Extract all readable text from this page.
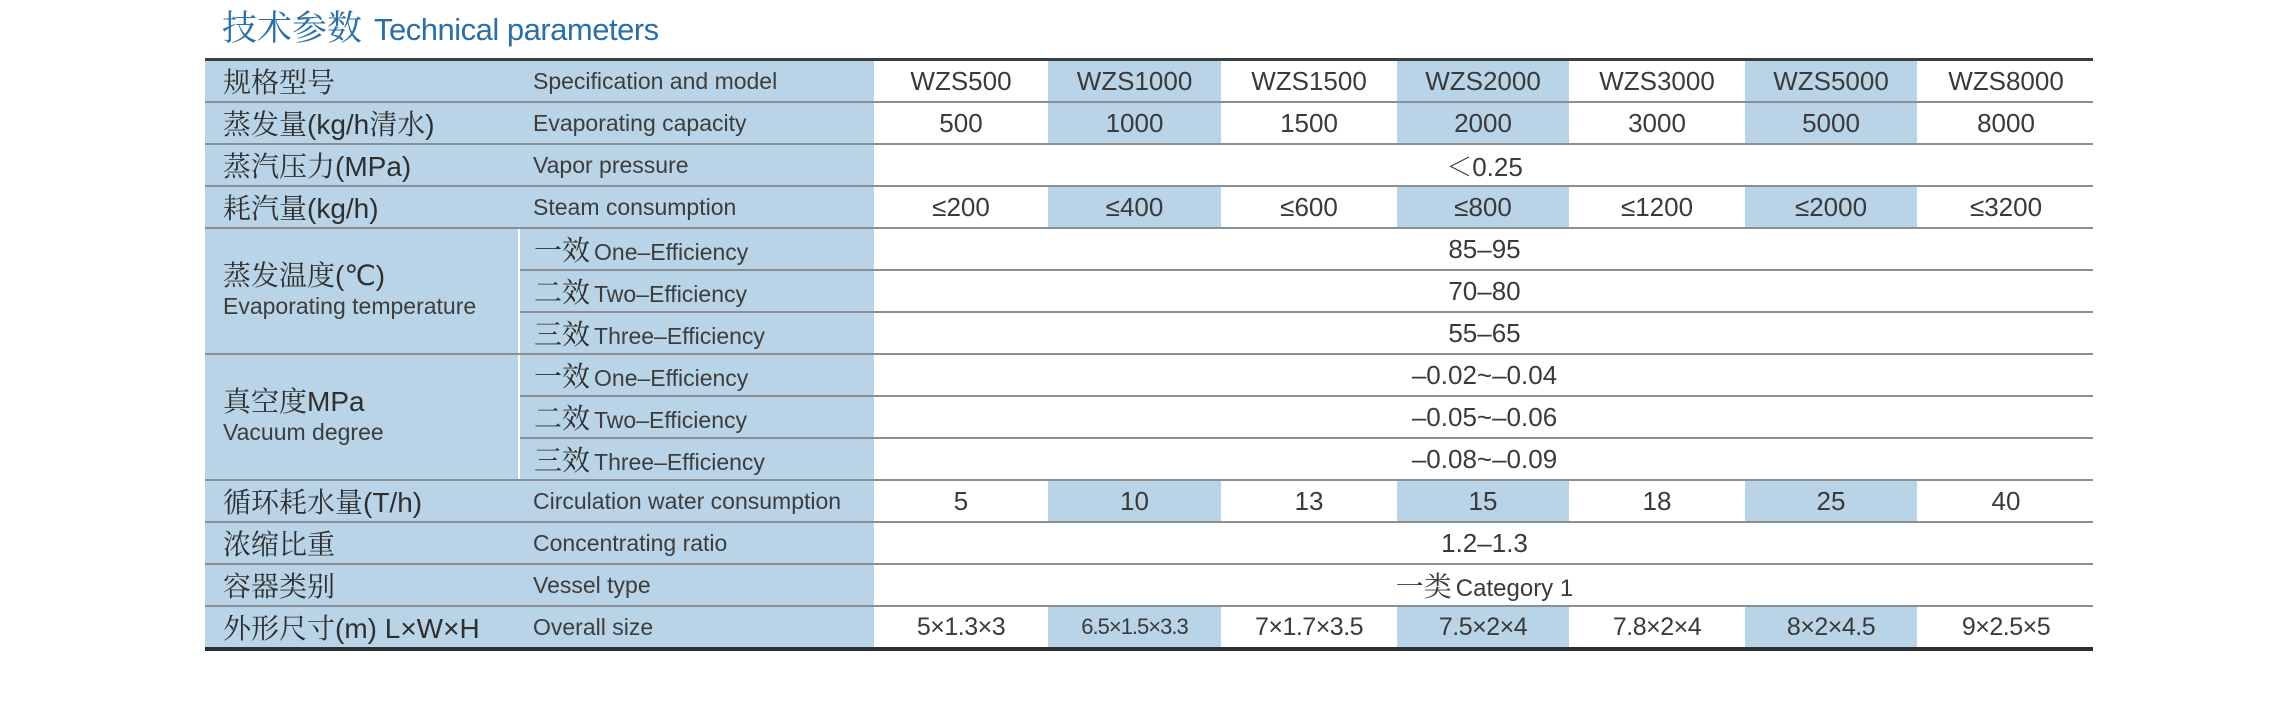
技术参数 Technical parameters
规格型号	Specification and model	WZS500	WZS1000	WZS1500	WZS2000	WZS3000	WZS5000	WZS8000
蒸发量(kg/h清水)	Evaporating capacity	500	1000	1500	2000	3000	5000	8000
蒸汽压力(MPa)	Vapor pressure	＜0.25						
耗汽量(kg/h)	Steam consumption	≤200	≤400	≤600	≤800	≤1200	≤2000	≤3200

蒸发温度(℃)
Evaporating temperature	一效 One–Efficiency	85–95						
	二效 Two–Efficiency	70–80						
	三效 Three–Efficiency	55–65						

真空度MPa
Vacuum degree	一效 One–Efficiency	–0.02~–0.04						
	二效 Two–Efficiency	–0.05~–0.06						
	三效 Three–Efficiency	–0.08~–0.09						
循环耗水量(T/h)	Circulation water consumption	5	10	13	15	18	25	40
浓缩比重	Concentrating ratio	1.2–1.3						
容器类别	Vessel type	一类 Category 1						
外形尺寸(m) L×W×H	Overall size	5×1.3×3	6.5×1.5×3.3	7×1.7×3.5	7.5×2×4	7.8×2×4	8×2×4.5	9×2.5×5
